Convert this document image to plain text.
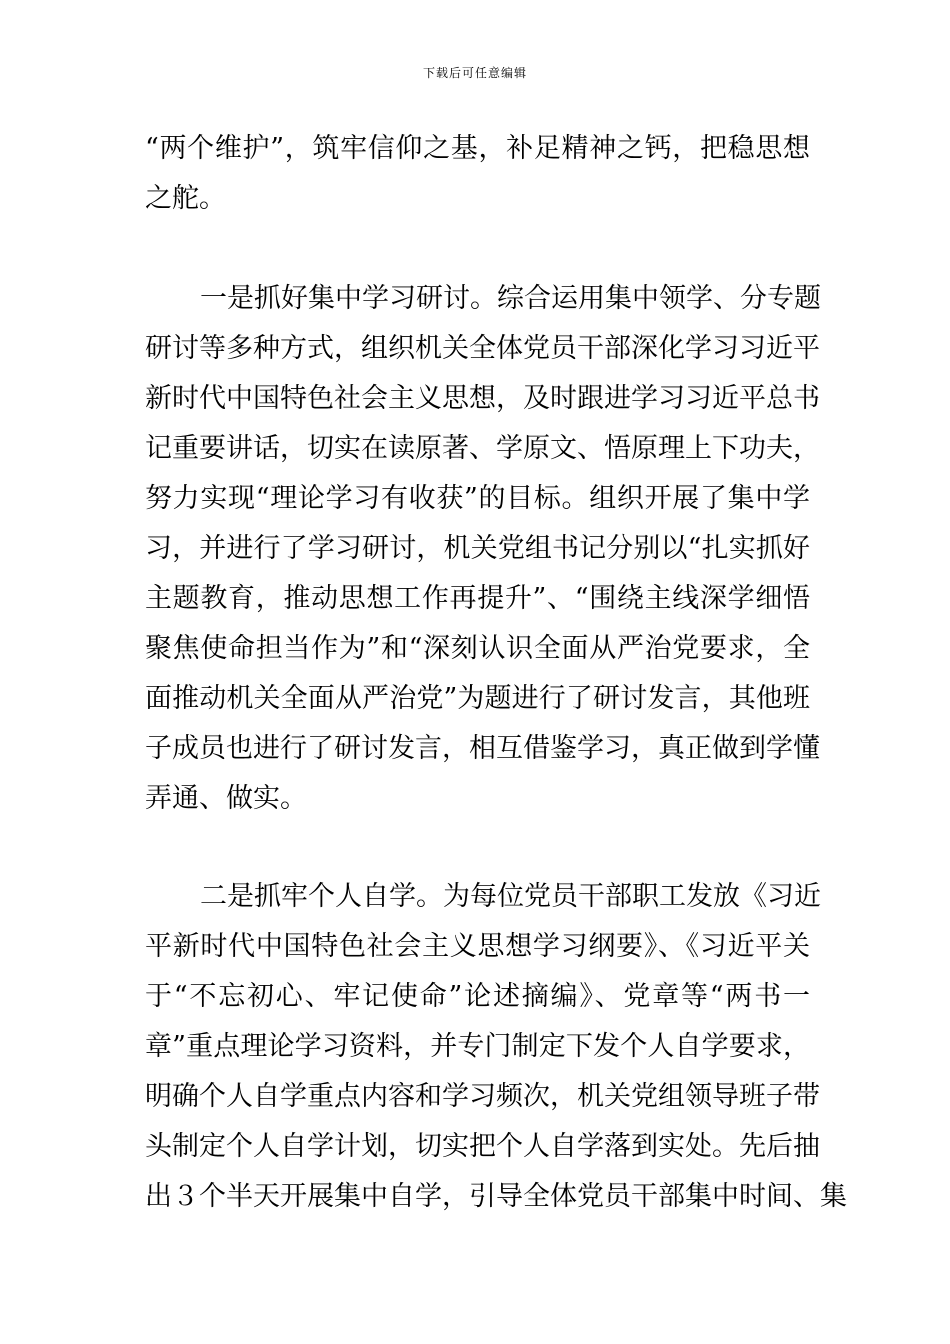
下载后可任意编辑
“两个维护”，筑牢信仰之基，补足精神之钙，把稳思想
之舵。
一是抓好集中学习研讨。综合运用集中领学、分专题
研讨等多种方式，组织机关全体党员干部深化学习习近平
新时代中国特色社会主义思想，及时跟进学习习近平总书
记重要讲话，切实在读原著、学原文、悟原理上下功夫，
努力实现“理论学习有收获”的目标。组织开展了集中学
习，并进行了学习研讨，机关党组书记分别以“扎实抓好
主题教育，推动思想工作再提升”、“围绕主线深学细悟
聚焦使命担当作为”和“深刻认识全面从严治党要求，全
面推动机关全面从严治党”为题进行了研讨发言，其他班
子成员也进行了研讨发言，相互借鉴学习，真正做到学懂
弄通、做实。
二是抓牢个人自学。为每位党员干部职工发放《习近
平新时代中国特色社会主义思想学习纲要》、《习近平关
于“不忘初心、牢记使命”论述摘编》、党章等“两书一
章”重点理论学习资料，并专门制定下发个人自学要求，
明确个人自学重点内容和学习频次，机关党组领导班子带
头制定个人自学计划，切实把个人自学落到实处。先后抽
出３个半天开展集中自学，引导全体党员干部集中时间、集
